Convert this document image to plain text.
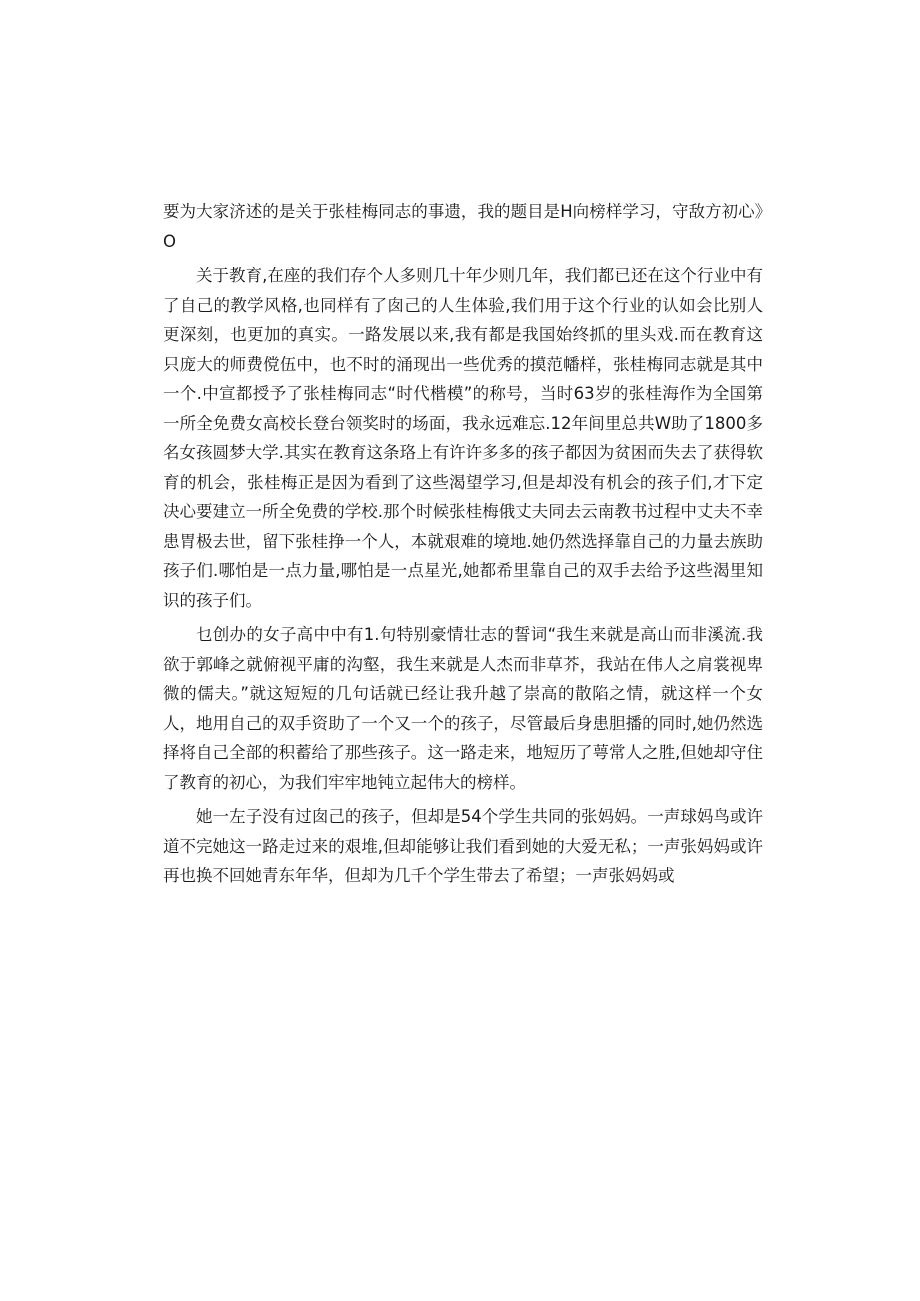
要为大家济述的是关于张桂梅同志的事遗，我的题目是H向榜样学习，守敌方初心》O

关于教育,在座的我们存个人多则几十年少则几年，我们都已还在这个行业中有了自己的教学风格,也同样有了囱己的人生体验,我们用于这个行业的认如会比别人更深刻，也更加的真实。一路发展以来,我有都是我国始终抓的里头戏.而在教育这只庞大的师费傥伍中，也不时的涌现出一些优秀的摸范幡样，张桂梅同志就是其中一个.中宣都授予了张桂梅同志“时代楷模”的称号，当时63岁的张桂海作为全国第一所全免费女高校长登台领奖时的场面，我永远难忘.12年间里总共W助了1800多名女孩圆梦大学.其实在教育这条珞上有许许多多的孩子都因为贫困而失去了获得软育的机会，张桂梅正是因为看到了这些渴望学习,但是却没有机会的孩子们,才下定决心要建立一所全免费的学校.那个时候张桂梅俄丈夫同去云南教书过程中丈夫不幸患胃极去世，留下张桂挣一个人，本就艰难的境地.她仍然选择靠自己的力量去族助孩子们.哪怕是一点力量,哪怕是一点星光,她都希里靠自己的双手去给予这些渴里知识的孩子们。

乜创办的女子高中中有1.句特别豪情壮志的誓词“我生来就是高山而非溪流.我欲于郭峰之就俯视平庸的沟壑，我生来就是人杰而非草芥，我站在伟人之肩裳视卑微的儒夫。”就这短短的几句话就已经让我升越了崇高的散陷之情，就这样一个女人，地用自己的双手资助了一个又一个的孩子，尽管最后身患胆播的同时,她仍然选择将自己全部的积蓄给了那些孩子。这一路走来，地短历了萼常人之胜,但她却守住了教育的初心，为我们牢牢地钝立起伟大的榜样。

她一左子没有过囱己的孩子，但却是54个学生共同的张妈妈。一声球妈鸟或许道不完她这一路走过来的艰堆,但却能够让我们看到她的大爱无私；一声张妈妈或许再也换不回她青东年华，但却为几千个学生带去了希望；一声张妈妈或
